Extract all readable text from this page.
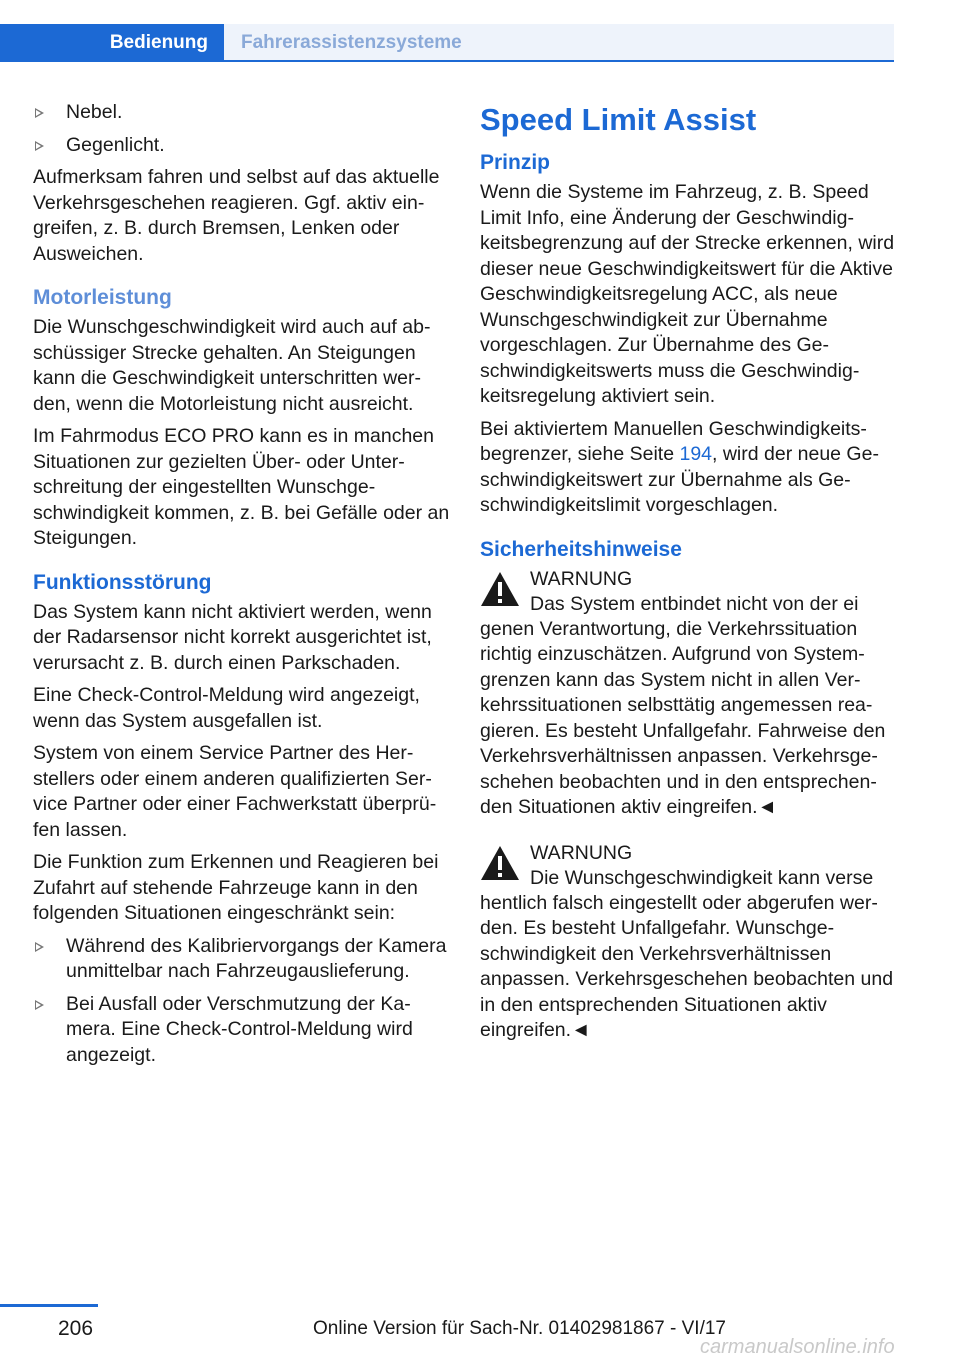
Bedienung	Fahrerassistenzsysteme
Nebel.
Gegenlicht.

Aufmerksam fahren und selbst auf das aktuelle Verkehrsgeschehen reagieren. Ggf. aktiv eingreifen, z. B. durch Bremsen, Lenken oder Ausweichen.

Motorleistung

Die Wunschgeschwindigkeit wird auch auf abschüssiger Strecke gehalten. An Steigungen kann die Geschwindigkeit unterschritten werden, wenn die Motorleistung nicht ausreicht.

Im Fahrmodus ECO PRO kann es in manchen Situationen zur gezielten Über- oder Unterschreitung der eingestellten Wunschgeschwindigkeit kommen, z. B. bei Gefälle oder an Steigungen.

Funktionsstörung

Das System kann nicht aktiviert werden, wenn der Radarsensor nicht korrekt ausgerichtet ist, verursacht z. B. durch einen Parkschaden.

Eine Check-Control-Meldung wird angezeigt, wenn das System ausgefallen ist.

System von einem Service Partner des Herstellers oder einem anderen qualifizierten Service Partner oder einer Fachwerkstatt überprüfen lassen.

Die Funktion zum Erkennen und Reagieren bei Zufahrt auf stehende Fahrzeuge kann in den folgenden Situationen eingeschränkt sein:

Während des Kalibriervorgangs der Kamera unmittelbar nach Fahrzeugauslieferung.
Bei Ausfall oder Verschmutzung der Kamera. Eine Check-Control-Meldung wird angezeigt.
Speed Limit Assist
Prinzip

Wenn die Systeme im Fahrzeug, z. B. Speed Limit Info, eine Änderung der Geschwindigkeitsbegrenzung auf der Strecke erkennen, wird dieser neue Geschwindigkeitswert für die Aktive Geschwindigkeitsregelung ACC, als neue Wunschgeschwindigkeit zur Übernahme vorgeschlagen. Zur Übernahme des Geschwindigkeitswerts muss die Geschwindigkeitsregelung aktiviert sein.

Bei aktiviertem Manuellen Geschwindigkeitsbegrenzer, siehe Seite 194, wird der neue Geschwindigkeitswert zur Übernahme als Geschwindigkeitslimit vorgeschlagen.

Sicherheitshinweise
WARNUNG
Das System entbindet nicht von der ei
genen Verantwortung, die Verkehrssituation richtig einzuschätzen. Aufgrund von Systemgrenzen kann das System nicht in allen Verkehrssituationen selbsttätig angemessen reagieren. Es besteht Unfallgefahr. Fahrweise den Verkehrsverhältnissen anpassen. Verkehrsgeschehen beobachten und in den entsprechenden Situationen aktiv eingreifen.◄
WARNUNG
Die Wunschgeschwindigkeit kann verse
hentlich falsch eingestellt oder abgerufen werden. Es besteht Unfallgefahr. Wunschgeschwindigkeit den Verkehrsverhältnissen anpassen. Verkehrsgeschehen beobachten und in den entsprechenden Situationen aktiv eingreifen.◄
206	Online Version für Sach-Nr. 01402981867 - VI/17
carmanualsonline.info
